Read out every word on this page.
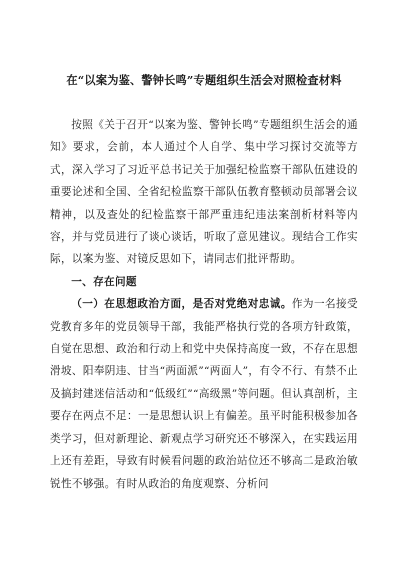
在“以案为鉴、警钟长鸣”专题组织生活会对照检查材料

按照《关于召开“以案为鉴、警钟长鸣”专题组织生活会的通知》要求，会前，本人通过个人自学、集中学习探讨交流等方式，深入学习了习近平总书记关于加强纪检监察干部队伍建设的重要论述和全国、全省纪检监察干部队伍教育整顿动员部署会议精神，以及查处的纪检监察干部严重违纪违法案剖析材料等内容，并与党员进行了谈心谈话，听取了意见建议。现结合工作实际，以案为鉴、对镜反思如下，请同志们批评帮助。

一、存在问题

（一）在思想政治方面，是否对党绝对忠诚。作为一名接受党教育多年的党员领导干部，我能严格执行党的各项方针政策，自觉在思想、政治和行动上和党中央保持高度一致，不存在思想滑坡、阳奉阴违、甘当“两面派”“两面人”，有令不行、有禁不止及搞封建迷信活动和“低级红”“高级黑”等问题。但认真剖析，主要存在两点不足：一是思想认识上有偏差。虽平时能积极参加各类学习，但对新理论、新观点学习研究还不够深入，在实践运用上还有差距，导致有时候看问题的政治站位还不够高二是政治敏锐性不够强。有时从政治的角度观察、分析问
